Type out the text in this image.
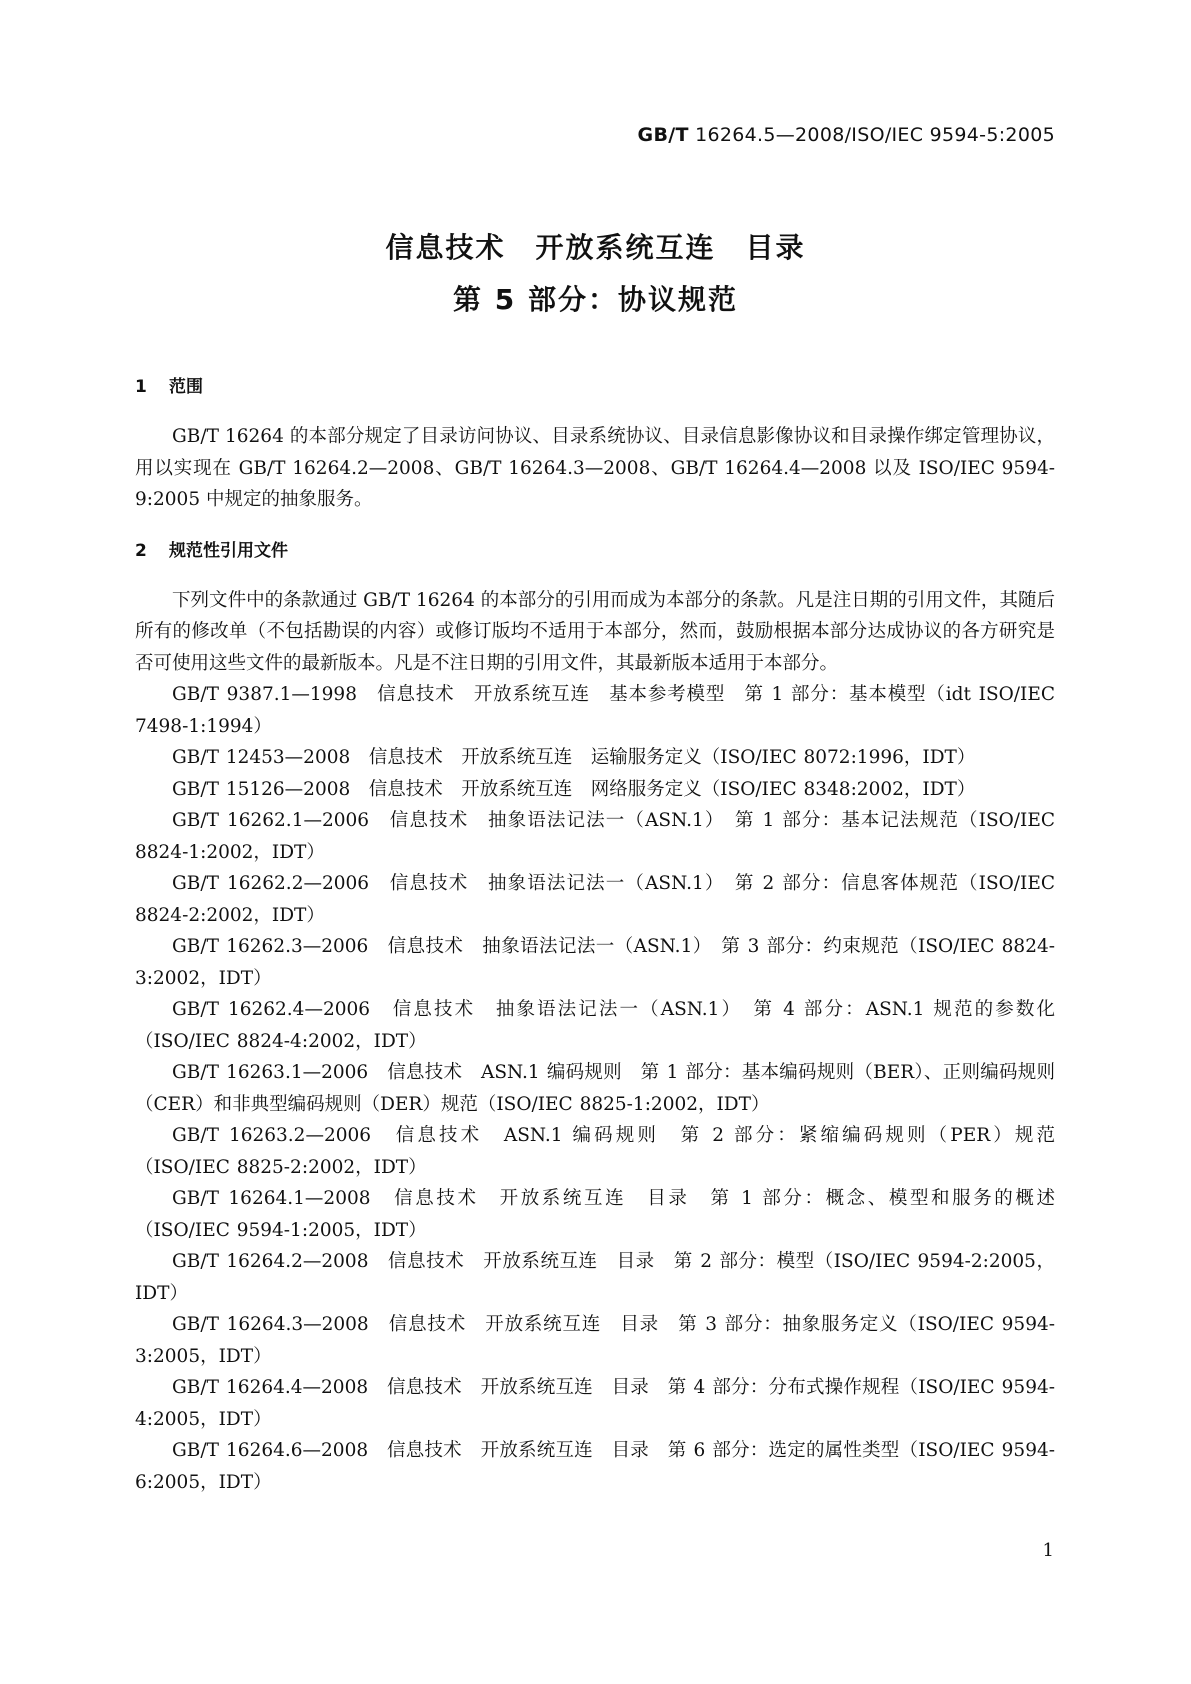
GB/T 16264.5—2008/ISO/IEC 9594-5:2005
信息技术　开放系统互连　目录
第 5 部分：协议规范
1 范围

GB/T 16264 的本部分规定了目录访问协议、目录系统协议、目录信息影像协议和目录操作绑定管理协议，用以实现在 GB/T 16264.2—2008、GB/T 16264.3—2008、GB/T 16264.4—2008 以及 ISO/IEC 9594-9:2005 中规定的抽象服务。

2 规范性引用文件

下列文件中的条款通过 GB/T 16264 的本部分的引用而成为本部分的条款。凡是注日期的引用文件，其随后所有的修改单（不包括勘误的内容）或修订版均不适用于本部分，然而，鼓励根据本部分达成协议的各方研究是否可使用这些文件的最新版本。凡是不注日期的引用文件，其最新版本适用于本部分。

GB/T 9387.1—1998　信息技术　开放系统互连　基本参考模型　第 1 部分：基本模型（idt ISO/IEC 7498-1:1994）

GB/T 12453—2008　信息技术　开放系统互连　运输服务定义（ISO/IEC 8072:1996，IDT）

GB/T 15126—2008　信息技术　开放系统互连　网络服务定义（ISO/IEC 8348:2002，IDT）

GB/T 16262.1—2006　信息技术　抽象语法记法一（ASN.1）　第 1 部分：基本记法规范（ISO/IEC 8824-1:2002，IDT）

GB/T 16262.2—2006　信息技术　抽象语法记法一（ASN.1）　第 2 部分：信息客体规范（ISO/IEC 8824-2:2002，IDT）

GB/T 16262.3—2006　信息技术　抽象语法记法一（ASN.1）　第 3 部分：约束规范（ISO/IEC 8824-3:2002，IDT）

GB/T 16262.4—2006　信息技术　抽象语法记法一（ASN.1）　第 4 部分：ASN.1 规范的参数化（ISO/IEC 8824-4:2002，IDT）

GB/T 16263.1—2006　信息技术　ASN.1 编码规则　第 1 部分：基本编码规则（BER）、正则编码规则（CER）和非典型编码规则（DER）规范（ISO/IEC 8825-1:2002，IDT）

GB/T 16263.2—2006　信息技术　ASN.1 编码规则　第 2 部分：紧缩编码规则（PER）规范（ISO/IEC 8825-2:2002，IDT）

GB/T 16264.1—2008　信息技术　开放系统互连　目录　第 1 部分：概念、模型和服务的概述（ISO/IEC 9594-1:2005，IDT）

GB/T 16264.2—2008　信息技术　开放系统互连　目录　第 2 部分：模型（ISO/IEC 9594-2:2005，IDT）

GB/T 16264.3—2008　信息技术　开放系统互连　目录　第 3 部分：抽象服务定义（ISO/IEC 9594-3:2005，IDT）

GB/T 16264.4—2008　信息技术　开放系统互连　目录　第 4 部分：分布式操作规程（ISO/IEC 9594-4:2005，IDT）

GB/T 16264.6—2008　信息技术　开放系统互连　目录　第 6 部分：选定的属性类型（ISO/IEC 9594-6:2005，IDT）

1
